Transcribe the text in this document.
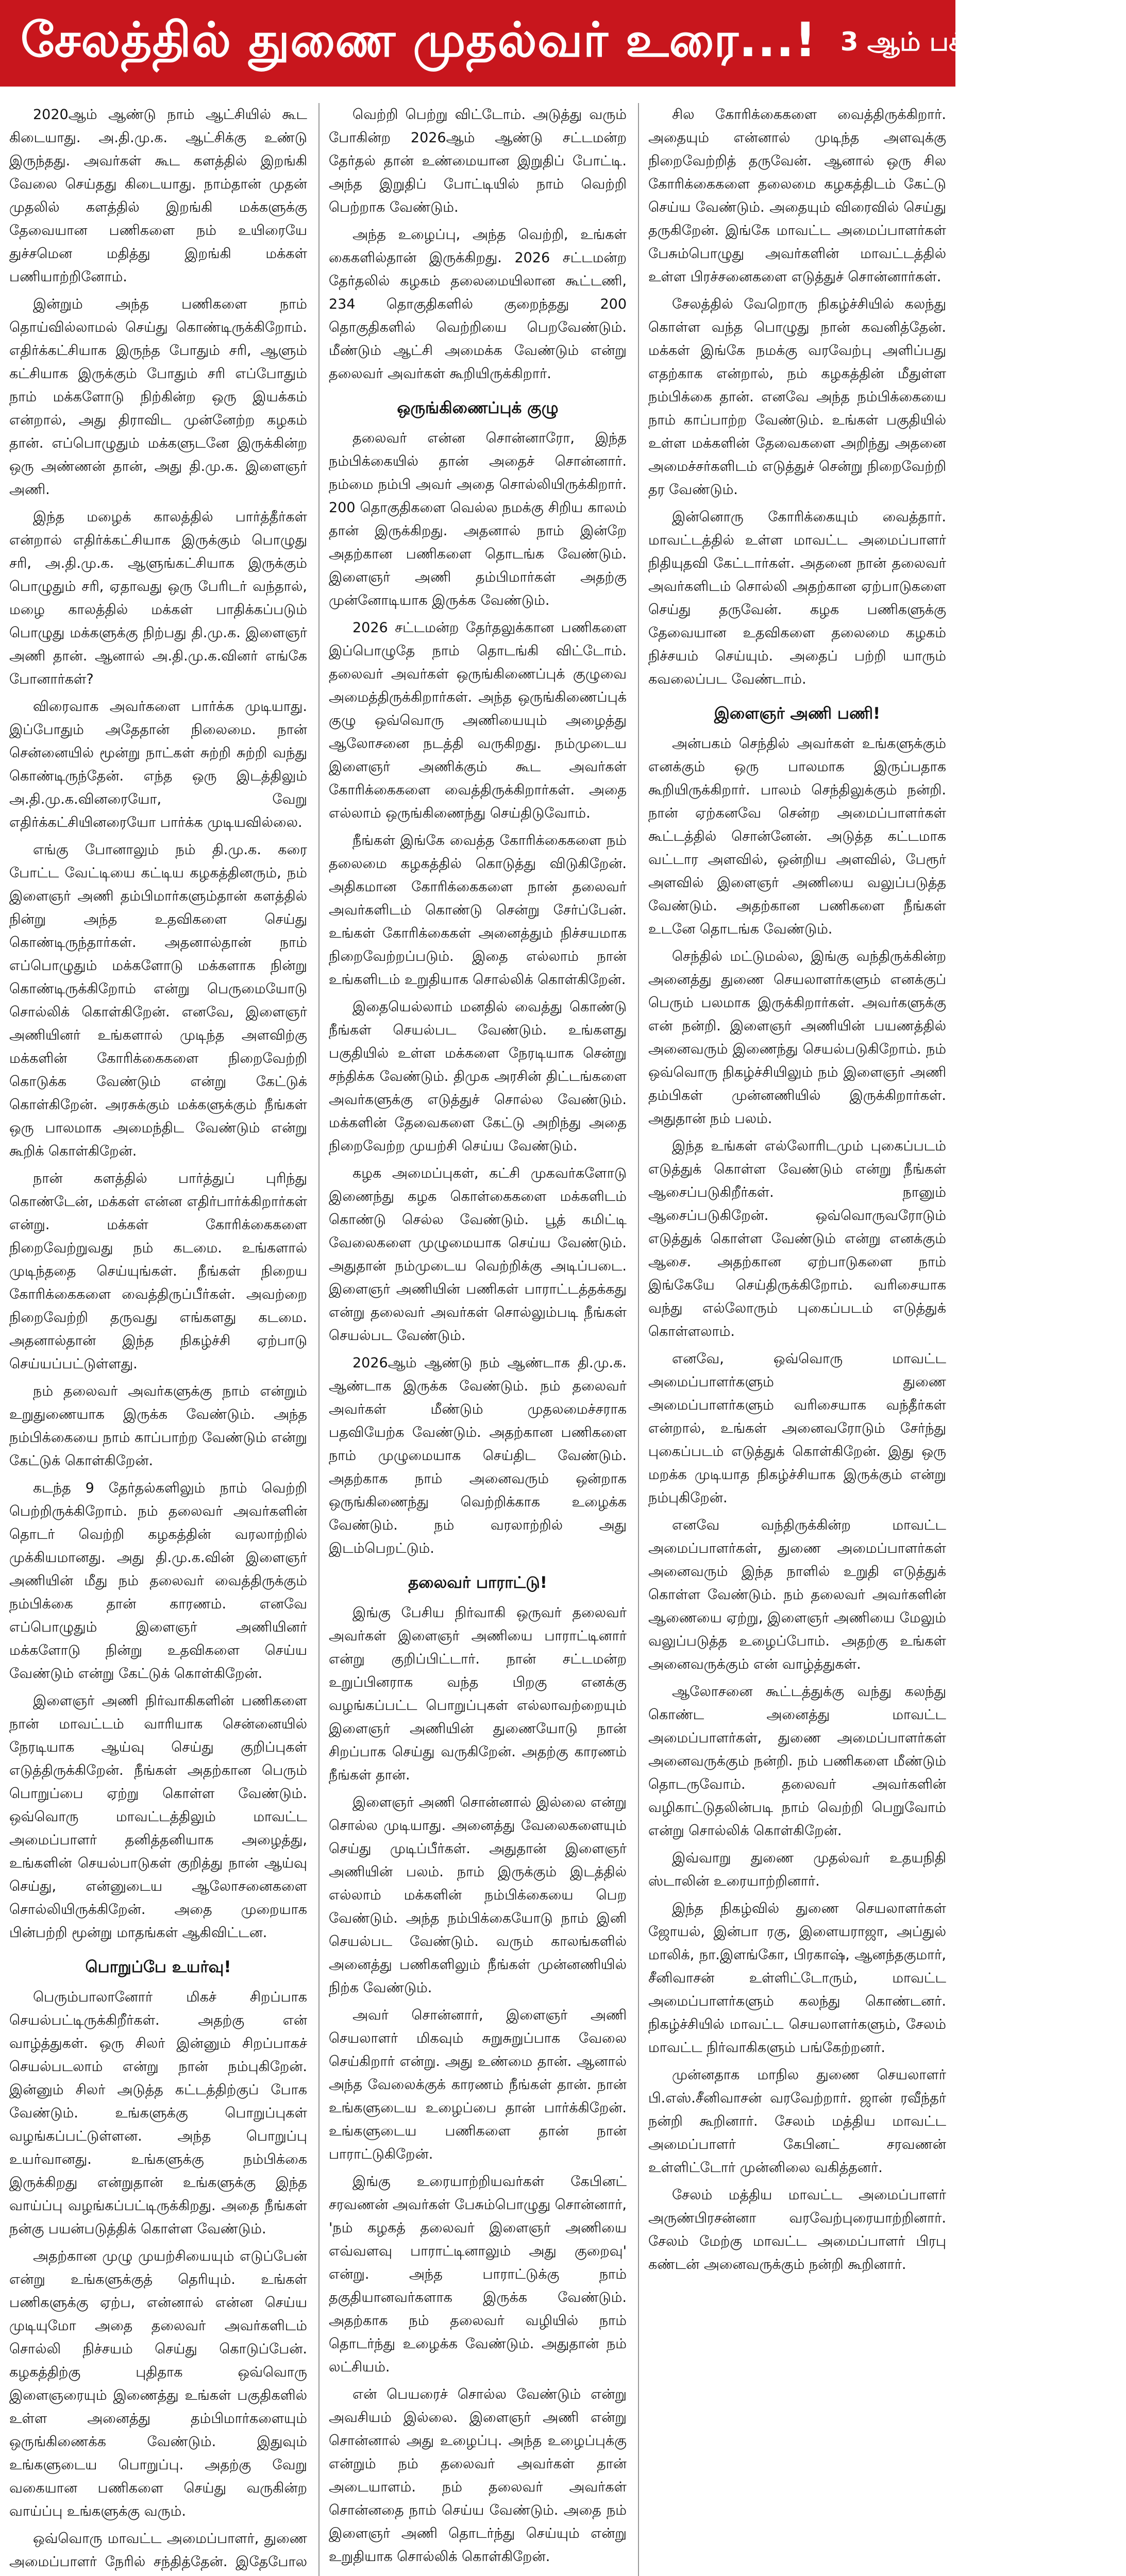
சேலத்தில் துணை முதல்வர் உரை...! 3 ஆம் பக்கத் தொடர்ச்சி

2020ஆம் ஆண்டு நாம் ஆட்சியில் கூட கிடையாது. அ.தி.மு.க. ஆட்சிக்கு உண்டு இருந்தது. அவர்கள் கூட களத்தில் இறங்கி வேலை செய்தது கிடையாது. நாம்தான் முதன் முதலில் களத்தில் இறங்கி மக்களுக்கு தேவையான பணிகளை நம் உயிரையே துச்சமென மதித்து இறங்கி மக்கள் பணியாற்றினோம்.

இன்றும் அந்த பணிகளை நாம் தொய்வில்லாமல் செய்து கொண்டிருக்கிறோம். எதிர்க்கட்சியாக இருந்த போதும் சரி, ஆளும் கட்சியாக இருக்கும் போதும் சரி எப்போதும் நாம் மக்களோடு நிற்கின்ற ஒரு இயக்கம் என்றால், அது திராவிட முன்னேற்ற கழகம் தான். எப்பொழுதும் மக்களுடனே இருக்கின்ற ஒரு அண்ணன் தான், அது தி.மு.க. இளைஞர் அணி.

இந்த மழைக் காலத்தில் பார்த்தீர்கள் என்றால் எதிர்க்கட்சியாக இருக்கும் பொழுது சரி, அ.தி.மு.க. ஆளுங்கட்சியாக இருக்கும் பொழுதும் சரி, ஏதாவது ஒரு பேரிடர் வந்தால், மழை காலத்தில் மக்கள் பாதிக்கப்படும் பொழுது மக்களுக்கு நிற்பது தி.மு.க. இளைஞர் அணி தான். ஆனால் அ.தி.மு.க.வினர் எங்கே போனார்கள்?

விரைவாக அவர்களை பார்க்க முடியாது. இப்போதும் அதேதான் நிலைமை. நான் சென்னையில் மூன்று நாட்கள் சுற்றி சுற்றி வந்து கொண்டிருந்தேன். எந்த ஒரு இடத்திலும் அ.தி.மு.க.வினரையோ, வேறு எதிர்க்கட்சியினரையோ பார்க்க முடியவில்லை.

எங்கு போனாலும் நம் தி.மு.க. கரை போட்ட வேட்டியை கட்டிய கழகத்தினரும், நம் இளைஞர் அணி தம்பிமார்களும்தான் களத்தில் நின்று அந்த உதவிகளை செய்து கொண்டிருந்தார்கள். அதனால்தான் நாம் எப்பொழுதும் மக்களோடு மக்களாக நின்று கொண்டிருக்கிறோம் என்று பெருமையோடு சொல்லிக் கொள்கிறேன். எனவே, இளைஞர் அணியினர் உங்களால் முடிந்த அளவிற்கு மக்களின் கோரிக்கைகளை நிறைவேற்றி கொடுக்க வேண்டும் என்று கேட்டுக் கொள்கிறேன். அரசுக்கும் மக்களுக்கும் நீங்கள் ஒரு பாலமாக அமைந்திட வேண்டும் என்று கூறிக் கொள்கிறேன்.

நான் களத்தில் பார்த்துப் புரிந்து கொண்டேன், மக்கள் என்ன எதிர்பார்க்கிறார்கள் என்று. மக்கள் கோரிக்கைகளை நிறைவேற்றுவது நம் கடமை. உங்களால் முடிந்ததை செய்யுங்கள். நீங்கள் நிறைய கோரிக்கைகளை வைத்திருப்பீர்கள். அவற்றை நிறைவேற்றி தருவது எங்களது கடமை. அதனால்தான் இந்த நிகழ்ச்சி ஏற்பாடு செய்யப்பட்டுள்ளது.

நம் தலைவர் அவர்களுக்கு நாம் என்றும் உறுதுணையாக இருக்க வேண்டும். அந்த நம்பிக்கையை நாம் காப்பாற்ற வேண்டும் என்று கேட்டுக் கொள்கிறேன்.

கடந்த 9 தேர்தல்களிலும் நாம் வெற்றி பெற்றிருக்கிறோம். நம் தலைவர் அவர்களின் தொடர் வெற்றி கழகத்தின் வரலாற்றில் முக்கியமானது. அது தி.மு.க.வின் இளைஞர் அணியின் மீது நம் தலைவர் வைத்திருக்கும் நம்பிக்கை தான் காரணம். எனவே எப்பொழுதும் இளைஞர் அணியினர் மக்களோடு நின்று உதவிகளை செய்ய வேண்டும் என்று கேட்டுக் கொள்கிறேன்.

இளைஞர் அணி நிர்வாகிகளின் பணிகளை நான் மாவட்டம் வாரியாக சென்னையில் நேரடியாக ஆய்வு செய்து குறிப்புகள் எடுத்திருக்கிறேன். நீங்கள் அதற்கான பெரும் பொறுப்பை ஏற்று கொள்ள வேண்டும். ஒவ்வொரு மாவட்டத்திலும் மாவட்ட அமைப்பாளர் தனித்தனியாக அழைத்து, உங்களின் செயல்பாடுகள் குறித்து நான் ஆய்வு செய்து, என்னுடைய ஆலோசனைகளை சொல்லியிருக்கிறேன். அதை முறையாக பின்பற்றி மூன்று மாதங்கள் ஆகிவிட்டன.

பொறுப்பே உயர்வு!

பெரும்பாலானோர் மிகச் சிறப்பாக செயல்பட்டிருக்கிறீர்கள். அதற்கு என் வாழ்த்துகள். ஒரு சிலர் இன்னும் சிறப்பாகச் செயல்படலாம் என்று நான் நம்புகிறேன். இன்னும் சிலர் அடுத்த கட்டத்திற்குப் போக வேண்டும். உங்களுக்கு பொறுப்புகள் வழங்கப்பட்டுள்ளன. அந்த பொறுப்பு உயர்வானது. உங்களுக்கு நம்பிக்கை இருக்கிறது என்றுதான் உங்களுக்கு இந்த வாய்ப்பு வழங்கப்பட்டிருக்கிறது. அதை நீங்கள் நன்கு பயன்படுத்திக் கொள்ள வேண்டும்.

அதற்கான முழு முயற்சியையும் எடுப்பேன் என்று உங்களுக்குத் தெரியும். உங்கள் பணிகளுக்கு ஏற்ப, என்னால் என்ன செய்ய முடியுமோ அதை தலைவர் அவர்களிடம் சொல்லி நிச்சயம் செய்து கொடுப்பேன். கழகத்திற்கு புதிதாக ஒவ்வொரு இளைஞரையும் இணைத்து உங்கள் பகுதிகளில் உள்ள அனைத்து தம்பிமார்களையும் ஒருங்கிணைக்க வேண்டும். இதுவும் உங்களுடைய பொறுப்பு. அதற்கு வேறு வகையான பணிகளை செய்து வருகின்ற வாய்ப்பு உங்களுக்கு வரும்.

ஒவ்வொரு மாவட்ட அமைப்பாளர், துணை அமைப்பாளர் நேரில் சந்தித்தேன். இதேபோல

வெற்றி பெற்று விட்டோம். அடுத்து வரும் போகின்ற 2026ஆம் ஆண்டு சட்டமன்ற தேர்தல் தான் உண்மையான இறுதிப் போட்டி. அந்த இறுதிப் போட்டியில் நாம் வெற்றி பெற்றாக வேண்டும்.

அந்த உழைப்பு, அந்த வெற்றி, உங்கள் கைகளில்தான் இருக்கிறது. 2026 சட்டமன்ற தேர்தலில் கழகம் தலைமையிலான கூட்டணி, 234 தொகுதிகளில் குறைந்தது 200 தொகுதிகளில் வெற்றியை பெறவேண்டும். மீண்டும் ஆட்சி அமைக்க வேண்டும் என்று தலைவர் அவர்கள் கூறியிருக்கிறார்.

ஒருங்கிணைப்புக் குழு

தலைவர் என்ன சொன்னாரோ, இந்த நம்பிக்கையில் தான் அதைச் சொன்னார். நம்மை நம்பி அவர் அதை சொல்லியிருக்கிறார். 200 தொகுதிகளை வெல்ல நமக்கு சிறிய காலம் தான் இருக்கிறது. அதனால் நாம் இன்றே அதற்கான பணிகளை தொடங்க வேண்டும். இளைஞர் அணி தம்பிமார்கள் அதற்கு முன்னோடியாக இருக்க வேண்டும்.

2026 சட்டமன்ற தேர்தலுக்கான பணிகளை இப்பொழுதே நாம் தொடங்கி விட்டோம். தலைவர் அவர்கள் ஒருங்கிணைப்புக் குழுவை அமைத்திருக்கிறார்கள். அந்த ஒருங்கிணைப்புக் குழு ஒவ்வொரு அணியையும் அழைத்து ஆலோசனை நடத்தி வருகிறது. நம்முடைய இளைஞர் அணிக்கும் கூட அவர்கள் கோரிக்கைகளை வைத்திருக்கிறார்கள். அதை எல்லாம் ஒருங்கிணைந்து செய்திடுவோம்.

நீங்கள் இங்கே வைத்த கோரிக்கைகளை நம் தலைமை கழகத்தில் கொடுத்து விடுகிறேன். அதிகமான கோரிக்கைகளை நான் தலைவர் அவர்களிடம் கொண்டு சென்று சேர்ப்பேன். உங்கள் கோரிக்கைகள் அனைத்தும் நிச்சயமாக நிறைவேற்றப்படும். இதை எல்லாம் நான் உங்களிடம் உறுதியாக சொல்லிக் கொள்கிறேன்.

இதையெல்லாம் மனதில் வைத்து கொண்டு நீங்கள் செயல்பட வேண்டும். உங்களது பகுதியில் உள்ள மக்களை நேரடியாக சென்று சந்திக்க வேண்டும். திமுக அரசின் திட்டங்களை அவர்களுக்கு எடுத்துச் சொல்ல வேண்டும். மக்களின் தேவைகளை கேட்டு அறிந்து அதை நிறைவேற்ற முயற்சி செய்ய வேண்டும்.

கழக அமைப்புகள், கட்சி முகவர்களோடு இணைந்து கழக கொள்கைகளை மக்களிடம் கொண்டு செல்ல வேண்டும். பூத் கமிட்டி வேலைகளை முழுமையாக செய்ய வேண்டும். அதுதான் நம்முடைய வெற்றிக்கு அடிப்படை. இளைஞர் அணியின் பணிகள் பாராட்டத்தக்கது என்று தலைவர் அவர்கள் சொல்லும்படி நீங்கள் செயல்பட வேண்டும்.

2026ஆம் ஆண்டு நம் ஆண்டாக தி.மு.க. ஆண்டாக இருக்க வேண்டும். நம் தலைவர் அவர்கள் மீண்டும் முதலமைச்சராக பதவியேற்க வேண்டும். அதற்கான பணிகளை நாம் முழுமையாக செய்திட வேண்டும். அதற்காக நாம் அனைவரும் ஒன்றாக ஒருங்கிணைந்து வெற்றிக்காக உழைக்க வேண்டும். நம் வரலாற்றில் அது இடம்பெறட்டும்.

தலைவர் பாராட்டு!

இங்கு பேசிய நிர்வாகி ஒருவர் தலைவர் அவர்கள் இளைஞர் அணியை பாராட்டினார் என்று குறிப்பிட்டார். நான் சட்டமன்ற உறுப்பினராக வந்த பிறகு எனக்கு வழங்கப்பட்ட பொறுப்புகள் எல்லாவற்றையும் இளைஞர் அணியின் துணையோடு நான் சிறப்பாக செய்து வருகிறேன். அதற்கு காரணம் நீங்கள் தான்.

இளைஞர் அணி சொன்னால் இல்லை என்று சொல்ல முடியாது. அனைத்து வேலைகளையும் செய்து முடிப்பீர்கள். அதுதான் இளைஞர் அணியின் பலம். நாம் இருக்கும் இடத்தில் எல்லாம் மக்களின் நம்பிக்கையை பெற வேண்டும். அந்த நம்பிக்கையோடு நாம் இனி செயல்பட வேண்டும். வரும் காலங்களில் அனைத்து பணிகளிலும் நீங்கள் முன்னணியில் நிற்க வேண்டும்.

அவர் சொன்னார், இளைஞர் அணி செயலாளர் மிகவும் சுறுசுறுப்பாக வேலை செய்கிறார் என்று. அது உண்மை தான். ஆனால் அந்த வேலைக்குக் காரணம் நீங்கள் தான். நான் உங்களுடைய உழைப்பை தான் பார்க்கிறேன். உங்களுடைய பணிகளை தான் நான் பாராட்டுகிறேன்.

இங்கு உரையாற்றியவர்கள் கேபினட் சரவணன் அவர்கள் பேசும்பொழுது சொன்னார், 'நம் கழகத் தலைவர் இளைஞர் அணியை எவ்வளவு பாராட்டினாலும் அது குறைவு' என்று. அந்த பாராட்டுக்கு நாம் தகுதியானவர்களாக இருக்க வேண்டும். அதற்காக நம் தலைவர் வழியில் நாம் தொடர்ந்து உழைக்க வேண்டும். அதுதான் நம் லட்சியம்.

என் பெயரைச் சொல்ல வேண்டும் என்று அவசியம் இல்லை. இளைஞர் அணி என்று சொன்னால் அது உழைப்பு. அந்த உழைப்புக்கு என்றும் நம் தலைவர் அவர்கள் தான் அடையாளம். நம் தலைவர் அவர்கள் சொன்னதை நாம் செய்ய வேண்டும். அதை நம் இளைஞர் அணி தொடர்ந்து செய்யும் என்று உறுதியாக சொல்லிக் கொள்கிறேன்.

சில கோரிக்கைகளை வைத்திருக்கிறார். அதையும் என்னால் முடிந்த அளவுக்கு நிறைவேற்றித் தருவேன். ஆனால் ஒரு சில கோரிக்கைகளை தலைமை கழகத்திடம் கேட்டு செய்ய வேண்டும். அதையும் விரைவில் செய்து தருகிறேன். இங்கே மாவட்ட அமைப்பாளர்கள் பேசும்பொழுது அவர்களின் மாவட்டத்தில் உள்ள பிரச்சனைகளை எடுத்துச் சொன்னார்கள்.

சேலத்தில் வேறொரு நிகழ்ச்சியில் கலந்து கொள்ள வந்த பொழுது நான் கவனித்தேன். மக்கள் இங்கே நமக்கு வரவேற்பு அளிப்பது எதற்காக என்றால், நம் கழகத்தின் மீதுள்ள நம்பிக்கை தான். எனவே அந்த நம்பிக்கையை நாம் காப்பாற்ற வேண்டும். உங்கள் பகுதியில் உள்ள மக்களின் தேவைகளை அறிந்து அதனை அமைச்சர்களிடம் எடுத்துச் சென்று நிறைவேற்றி தர வேண்டும்.

இன்னொரு கோரிக்கையும் வைத்தார். மாவட்டத்தில் உள்ள மாவட்ட அமைப்பாளர் நிதியுதவி கேட்டார்கள். அதனை நான் தலைவர் அவர்களிடம் சொல்லி அதற்கான ஏற்பாடுகளை செய்து தருவேன். கழக பணிகளுக்கு தேவையான உதவிகளை தலைமை கழகம் நிச்சயம் செய்யும். அதைப் பற்றி யாரும் கவலைப்பட வேண்டாம்.

இளைஞர் அணி பணி!

அன்பகம் செந்தில் அவர்கள் உங்களுக்கும் எனக்கும் ஒரு பாலமாக இருப்பதாக கூறியிருக்கிறார். பாலம் செந்திலுக்கும் நன்றி. நான் ஏற்கனவே சென்ற அமைப்பாளர்கள் கூட்டத்தில் சொன்னேன். அடுத்த கட்டமாக வட்டார அளவில், ஒன்றிய அளவில், பேரூர் அளவில் இளைஞர் அணியை வலுப்படுத்த வேண்டும். அதற்கான பணிகளை நீங்கள் உடனே தொடங்க வேண்டும்.

செந்தில் மட்டுமல்ல, இங்கு வந்திருக்கின்ற அனைத்து துணை செயலாளர்களும் எனக்குப் பெரும் பலமாக இருக்கிறார்கள். அவர்களுக்கு என் நன்றி. இளைஞர் அணியின் பயணத்தில் அனைவரும் இணைந்து செயல்படுகிறோம். நம் ஒவ்வொரு நிகழ்ச்சியிலும் நம் இளைஞர் அணி தம்பிகள் முன்னணியில் இருக்கிறார்கள். அதுதான் நம் பலம்.

இந்த உங்கள் எல்லோரிடமும் புகைப்படம் எடுத்துக் கொள்ள வேண்டும் என்று நீங்கள் ஆசைப்படுகிறீர்கள். நானும் ஆசைப்படுகிறேன். ஒவ்வொருவரோடும் எடுத்துக் கொள்ள வேண்டும் என்று எனக்கும் ஆசை. அதற்கான ஏற்பாடுகளை நாம் இங்கேயே செய்திருக்கிறோம். வரிசையாக வந்து எல்லோரும் புகைப்படம் எடுத்துக் கொள்ளலாம்.

எனவே, ஒவ்வொரு மாவட்ட அமைப்பாளர்களும் துணை அமைப்பாளர்களும் வரிசையாக வந்தீர்கள் என்றால், உங்கள் அனைவரோடும் சேர்ந்து புகைப்படம் எடுத்துக் கொள்கிறேன். இது ஒரு மறக்க முடியாத நிகழ்ச்சியாக இருக்கும் என்று நம்புகிறேன்.

எனவே வந்திருக்கின்ற மாவட்ட அமைப்பாளர்கள், துணை அமைப்பாளர்கள் அனைவரும் இந்த நாளில் உறுதி எடுத்துக் கொள்ள வேண்டும். நம் தலைவர் அவர்களின் ஆணையை ஏற்று, இளைஞர் அணியை மேலும் வலுப்படுத்த உழைப்போம். அதற்கு உங்கள் அனைவருக்கும் என் வாழ்த்துகள்.

ஆலோசனை கூட்டத்துக்கு வந்து கலந்து கொண்ட அனைத்து மாவட்ட அமைப்பாளர்கள், துணை அமைப்பாளர்கள் அனைவருக்கும் நன்றி. நம் பணிகளை மீண்டும் தொடருவோம். தலைவர் அவர்களின் வழிகாட்டுதலின்படி நாம் வெற்றி பெறுவோம் என்று சொல்லிக் கொள்கிறேன்.

இவ்வாறு துணை முதல்வர் உதயநிதி ஸ்டாலின் உரையாற்றினார்.

இந்த நிகழ்வில் துணை செயலாளர்கள் ஜோயல், இன்பா ரகு, இளையராஜா, அப்துல் மாலிக், நா.இளங்கோ, பிரகாஷ், ஆனந்தகுமார், சீனிவாசன் உள்ளிட்டோரும், மாவட்ட அமைப்பாளர்களும் கலந்து கொண்டனர். நிகழ்ச்சியில் மாவட்ட செயலாளர்களும், சேலம் மாவட்ட நிர்வாகிகளும் பங்கேற்றனர்.

முன்னதாக மாநில துணை செயலாளர் பி.எஸ்.சீனிவாசன் வரவேற்றார். ஜான் ரவீந்தர் நன்றி கூறினார். சேலம் மத்திய மாவட்ட அமைப்பாளர் கேபினட் சரவணன் உள்ளிட்டோர் முன்னிலை வகித்தனர்.

சேலம் மத்திய மாவட்ட அமைப்பாளர் அருண்பிரசன்னா வரவேற்புரையாற்றினார். சேலம் மேற்கு மாவட்ட அமைப்பாளர் பிரபு கண்டன் அனைவருக்கும் நன்றி கூறினார்.
